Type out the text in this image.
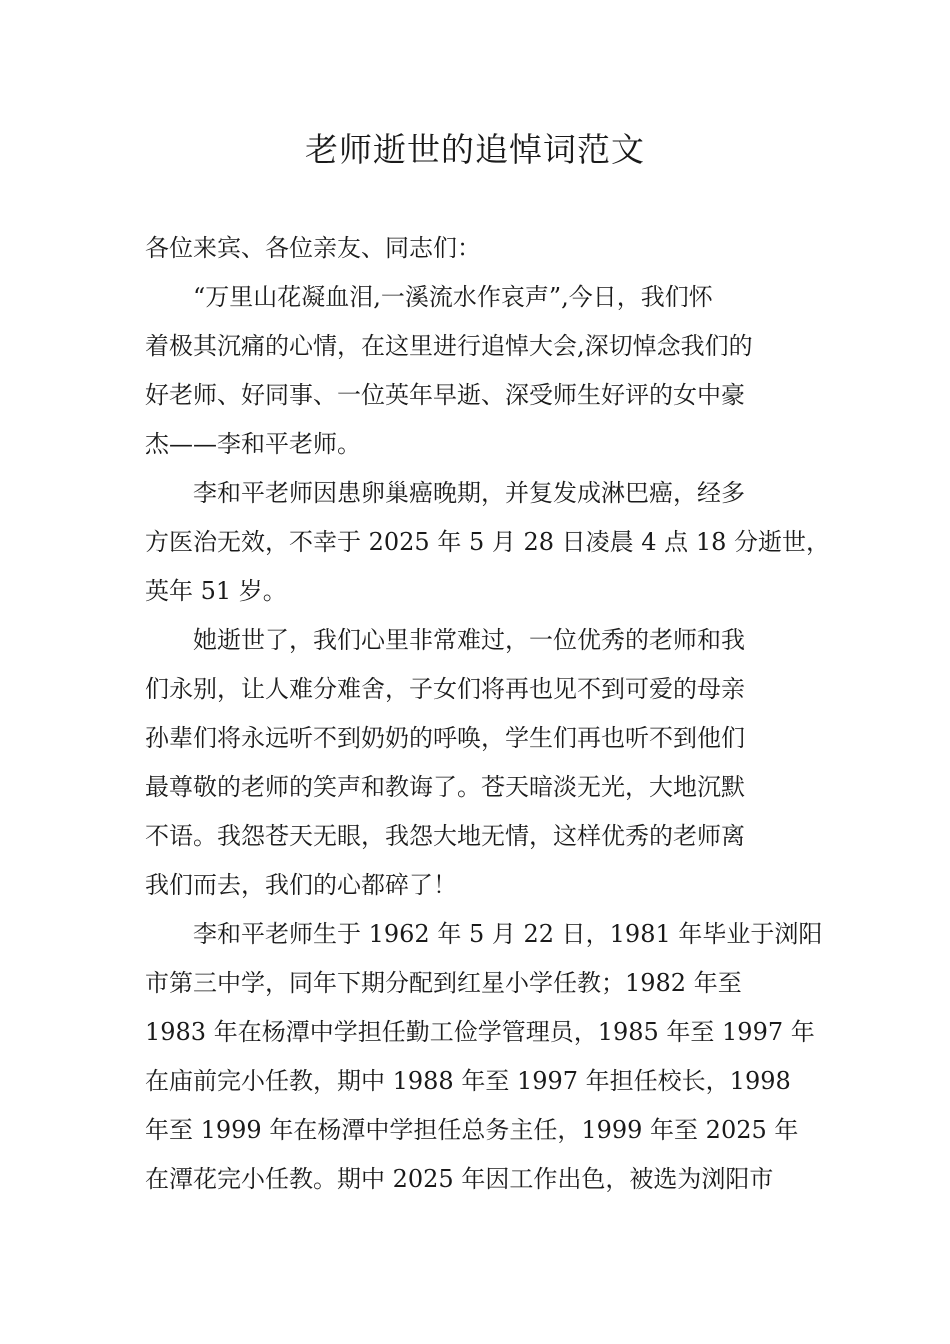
老师逝世的追悼词范文
各位来宾、各位亲友、同志们：
　　“万里山花凝血泪,一溪流水作哀声”,今日，我们怀
着极其沉痛的心情，在这里进行追悼大会,深切悼念我们的
好老师、好同事、一位英年早逝、深受师生好评的女中豪
杰——李和平老师。
　　李和平老师因患卵巢癌晚期，并复发成淋巴癌，经多
方医治无效，不幸于 2025 年 5 月 28 日凌晨 4 点 18 分逝世，
英年 51 岁。
　　她逝世了，我们心里非常难过，一位优秀的老师和我
们永别，让人难分难舍，子女们将再也见不到可爱的母亲
孙辈们将永远听不到奶奶的呼唤，学生们再也听不到他们
最尊敬的老师的笑声和教诲了。苍天暗淡无光，大地沉默
不语。我怨苍天无眼，我怨大地无情，这样优秀的老师离
我们而去，我们的心都碎了！
　　李和平老师生于 1962 年 5 月 22 日，1981 年毕业于浏阳
市第三中学，同年下期分配到红星小学任教；1982 年至
1983 年在杨潭中学担任勤工俭学管理员，1985 年至 1997 年
在庙前完小任教，期中 1988 年至 1997 年担任校长，1998
年至 1999 年在杨潭中学担任总务主任，1999 年至 2025 年
在潭花完小任教。期中 2025 年因工作出色，被选为浏阳市
